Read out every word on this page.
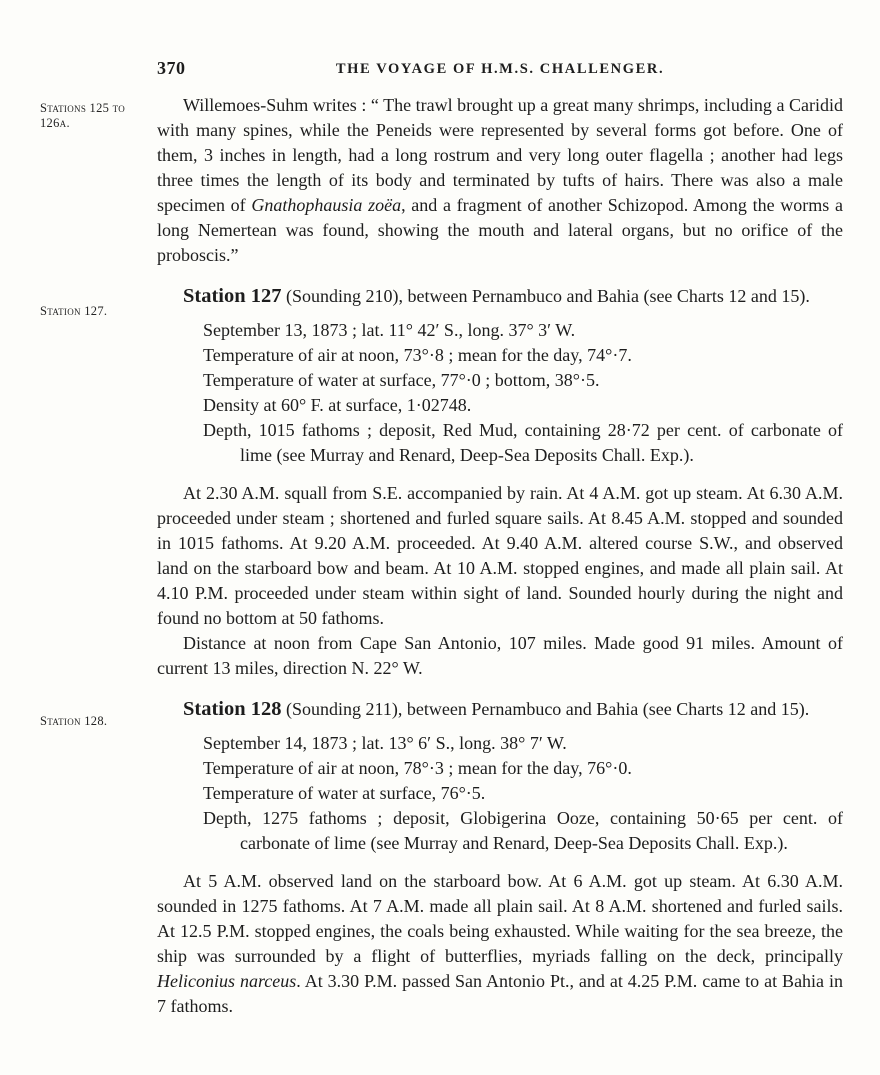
370	THE VOYAGE OF H.M.S. CHALLENGER.
Stations 125 to 126a.
Station 127.
Station 128.

Willemoes-Suhm writes : “ The trawl brought up a great many shrimps, including a Caridid with many spines, while the Peneids were represented by several forms got before. One of them, 3 inches in length, had a long rostrum and very long outer flagella ; another had legs three times the length of its body and terminated by tufts of hairs. There was also a male specimen of Gnathophausia zoëa, and a fragment of another Schizopod. Among the worms a long Nemertean was found, showing the mouth and lateral organs, but no orifice of the proboscis.”

Station 127 (Sounding 210), between Pernambuco and Bahia (see Charts 12 and 15).

September 13, 1873 ; lat. 11° 42′ S., long. 37° 3′ W.

Temperature of air at noon, 73°·8 ; mean for the day, 74°·7.

Temperature of water at surface, 77°·0 ; bottom, 38°·5.

Density at 60° F. at surface, 1·02748.

Depth, 1015 fathoms ; deposit, Red Mud, containing 28·72 per cent. of carbonate of lime (see Murray and Renard, Deep-Sea Deposits Chall. Exp.).

At 2.30 A.M. squall from S.E. accompanied by rain. At 4 A.M. got up steam. At 6.30 A.M. proceeded under steam ; shortened and furled square sails. At 8.45 A.M. stopped and sounded in 1015 fathoms. At 9.20 A.M. proceeded. At 9.40 A.M. altered course S.W., and observed land on the starboard bow and beam. At 10 A.M. stopped engines, and made all plain sail. At 4.10 P.M. proceeded under steam within sight of land. Sounded hourly during the night and found no bottom at 50 fathoms.

Distance at noon from Cape San Antonio, 107 miles. Made good 91 miles. Amount of current 13 miles, direction N. 22° W.

Station 128 (Sounding 211), between Pernambuco and Bahia (see Charts 12 and 15).

September 14, 1873 ; lat. 13° 6′ S., long. 38° 7′ W.

Temperature of air at noon, 78°·3 ; mean for the day, 76°·0.

Temperature of water at surface, 76°·5.

Depth, 1275 fathoms ; deposit, Globigerina Ooze, containing 50·65 per cent. of carbonate of lime (see Murray and Renard, Deep-Sea Deposits Chall. Exp.).

At 5 A.M. observed land on the starboard bow. At 6 A.M. got up steam. At 6.30 A.M. sounded in 1275 fathoms. At 7 A.M. made all plain sail. At 8 A.M. shortened and furled sails. At 12.5 P.M. stopped engines, the coals being exhausted. While waiting for the sea breeze, the ship was surrounded by a flight of butterflies, myriads falling on the deck, principally Heliconius narceus. At 3.30 P.M. passed San Antonio Pt., and at 4.25 P.M. came to at Bahia in 7 fathoms.
